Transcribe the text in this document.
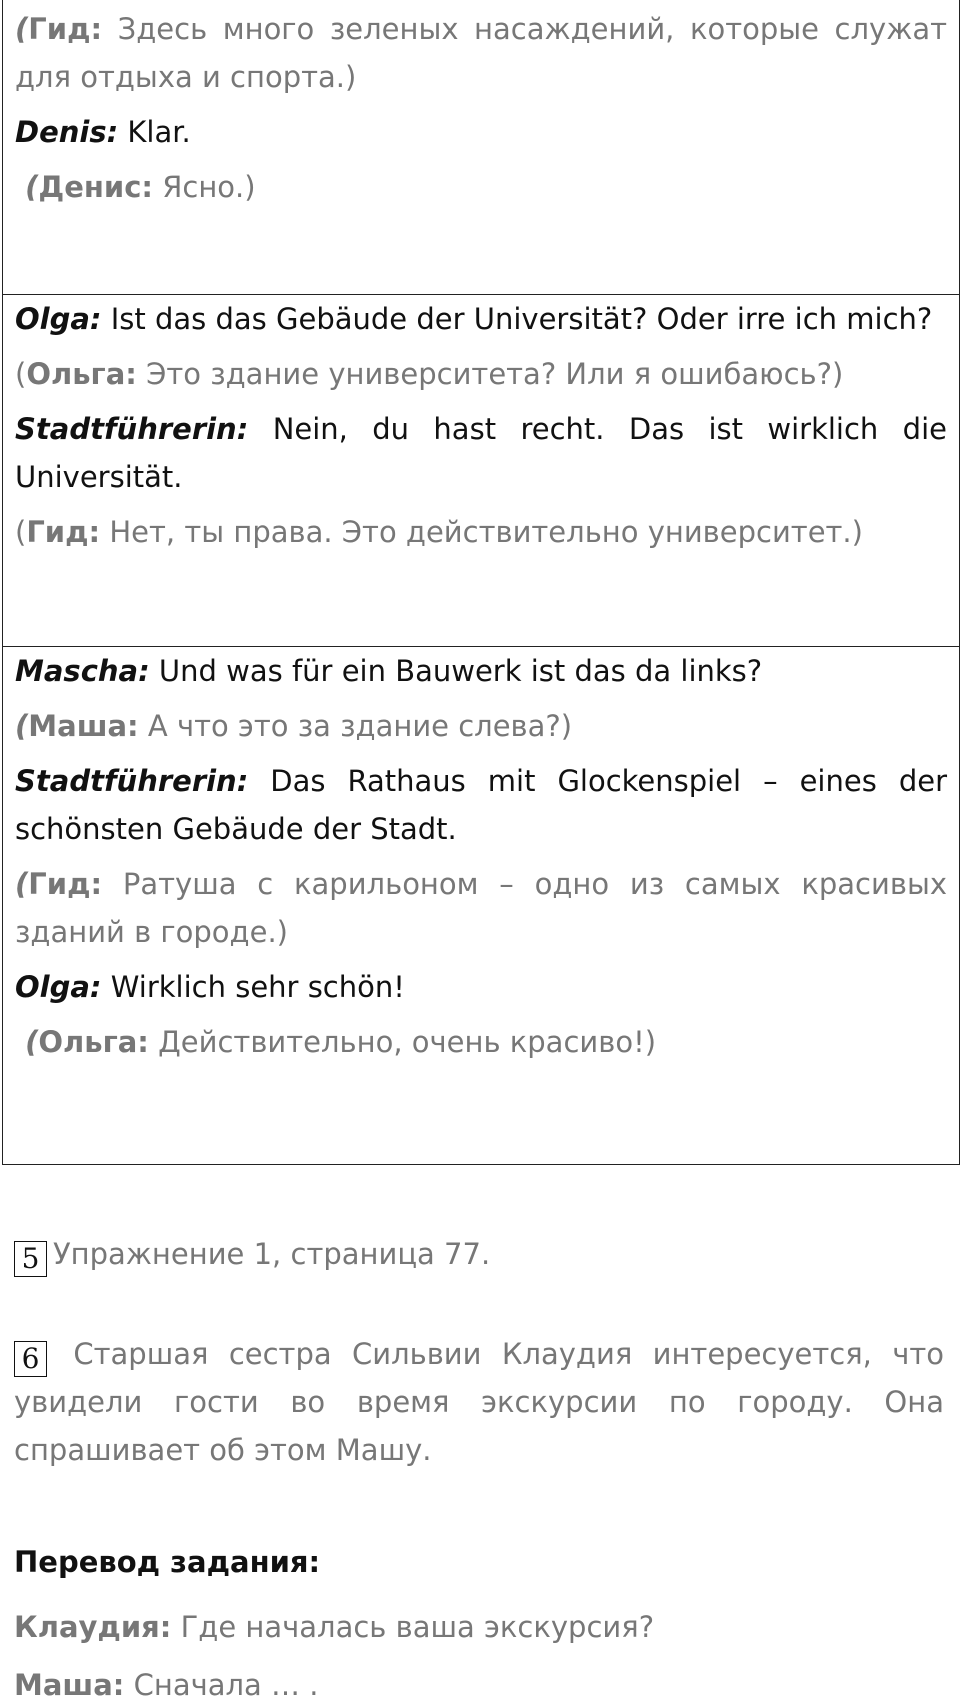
(Гид: Здесь много зеленых насаждений, которые служат для отдыха и спорта.)

Denis: Klar.

(Денис: Ясно.)

Olga: Ist das das Gebäude der Universität? Oder irre ich mich?

(Ольга: Это здание университета? Или я ошибаюсь?)

Stadtführerin: Nein, du hast recht. Das ist wirklich die Universität.

(Гид: Нет, ты права. Это действительно университет.)

Mascha: Und was für ein Bauwerk ist das da links?

(Маша: А что это за здание слева?)

Stadtführerin: Das Rathaus mit Glockenspiel – eines der schönsten Gebäude der Stadt.

(Гид: Ратуша с карильоном – одно из самых красивых зданий в городе.)

Olga: Wirklich sehr schön!

(Ольга: Действительно, очень красиво!)

5 Упражнение 1, страница 77.

6 Старшая сестра Сильвии Клаудия интересуется, что увидели гости во время экскурсии по городу. Она спрашивает об этом Машу.

Перевод задания:

Клаудия: Где началась ваша экскурсия?

Маша: Сначала … .
